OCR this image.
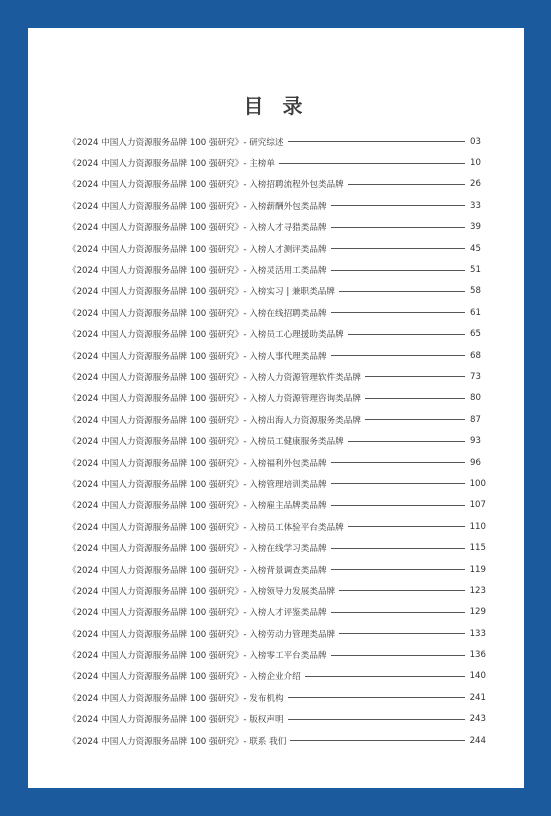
目 录
《2024 中国人力资源服务品牌 100 强研究》- 研究综述	03
《2024 中国人力资源服务品牌 100 强研究》- 主榜单	10
《2024 中国人力资源服务品牌 100 强研究》- 入榜招聘流程外包类品牌	26
《2024 中国人力资源服务品牌 100 强研究》- 入榜薪酬外包类品牌	33
《2024 中国人力资源服务品牌 100 强研究》- 入榜人才寻猎类品牌	39
《2024 中国人力资源服务品牌 100 强研究》- 入榜人才测评类品牌	45
《2024 中国人力资源服务品牌 100 强研究》- 入榜灵活用工类品牌	51
《2024 中国人力资源服务品牌 100 强研究》- 入榜实习 | 兼职类品牌	58
《2024 中国人力资源服务品牌 100 强研究》- 入榜在线招聘类品牌	61
《2024 中国人力资源服务品牌 100 强研究》- 入榜员工心理援助类品牌	65
《2024 中国人力资源服务品牌 100 强研究》- 入榜人事代理类品牌	68
《2024 中国人力资源服务品牌 100 强研究》- 入榜人力资源管理软件类品牌	73
《2024 中国人力资源服务品牌 100 强研究》- 入榜人力资源管理咨询类品牌	80
《2024 中国人力资源服务品牌 100 强研究》- 入榜出海人力资源服务类品牌	87
《2024 中国人力资源服务品牌 100 强研究》- 入榜员工健康服务类品牌	93
《2024 中国人力资源服务品牌 100 强研究》- 入榜福利外包类品牌	96
《2024 中国人力资源服务品牌 100 强研究》- 入榜管理培训类品牌	100
《2024 中国人力资源服务品牌 100 强研究》- 入榜雇主品牌类品牌	107
《2024 中国人力资源服务品牌 100 强研究》- 入榜员工体验平台类品牌	110
《2024 中国人力资源服务品牌 100 强研究》- 入榜在线学习类品牌	115
《2024 中国人力资源服务品牌 100 强研究》- 入榜背景调查类品牌	119
《2024 中国人力资源服务品牌 100 强研究》- 入榜领导力发展类品牌	123
《2024 中国人力资源服务品牌 100 强研究》- 入榜人才评鉴类品牌	129
《2024 中国人力资源服务品牌 100 强研究》- 入榜劳动力管理类品牌	133
《2024 中国人力资源服务品牌 100 强研究》- 入榜零工平台类品牌	136
《2024 中国人力资源服务品牌 100 强研究》- 入榜企业介绍	140
《2024 中国人力资源服务品牌 100 强研究》- 发布机构	241
《2024 中国人力资源服务品牌 100 强研究》- 版权声明	243
《2024 中国人力资源服务品牌 100 强研究》- 联系 我们	244
